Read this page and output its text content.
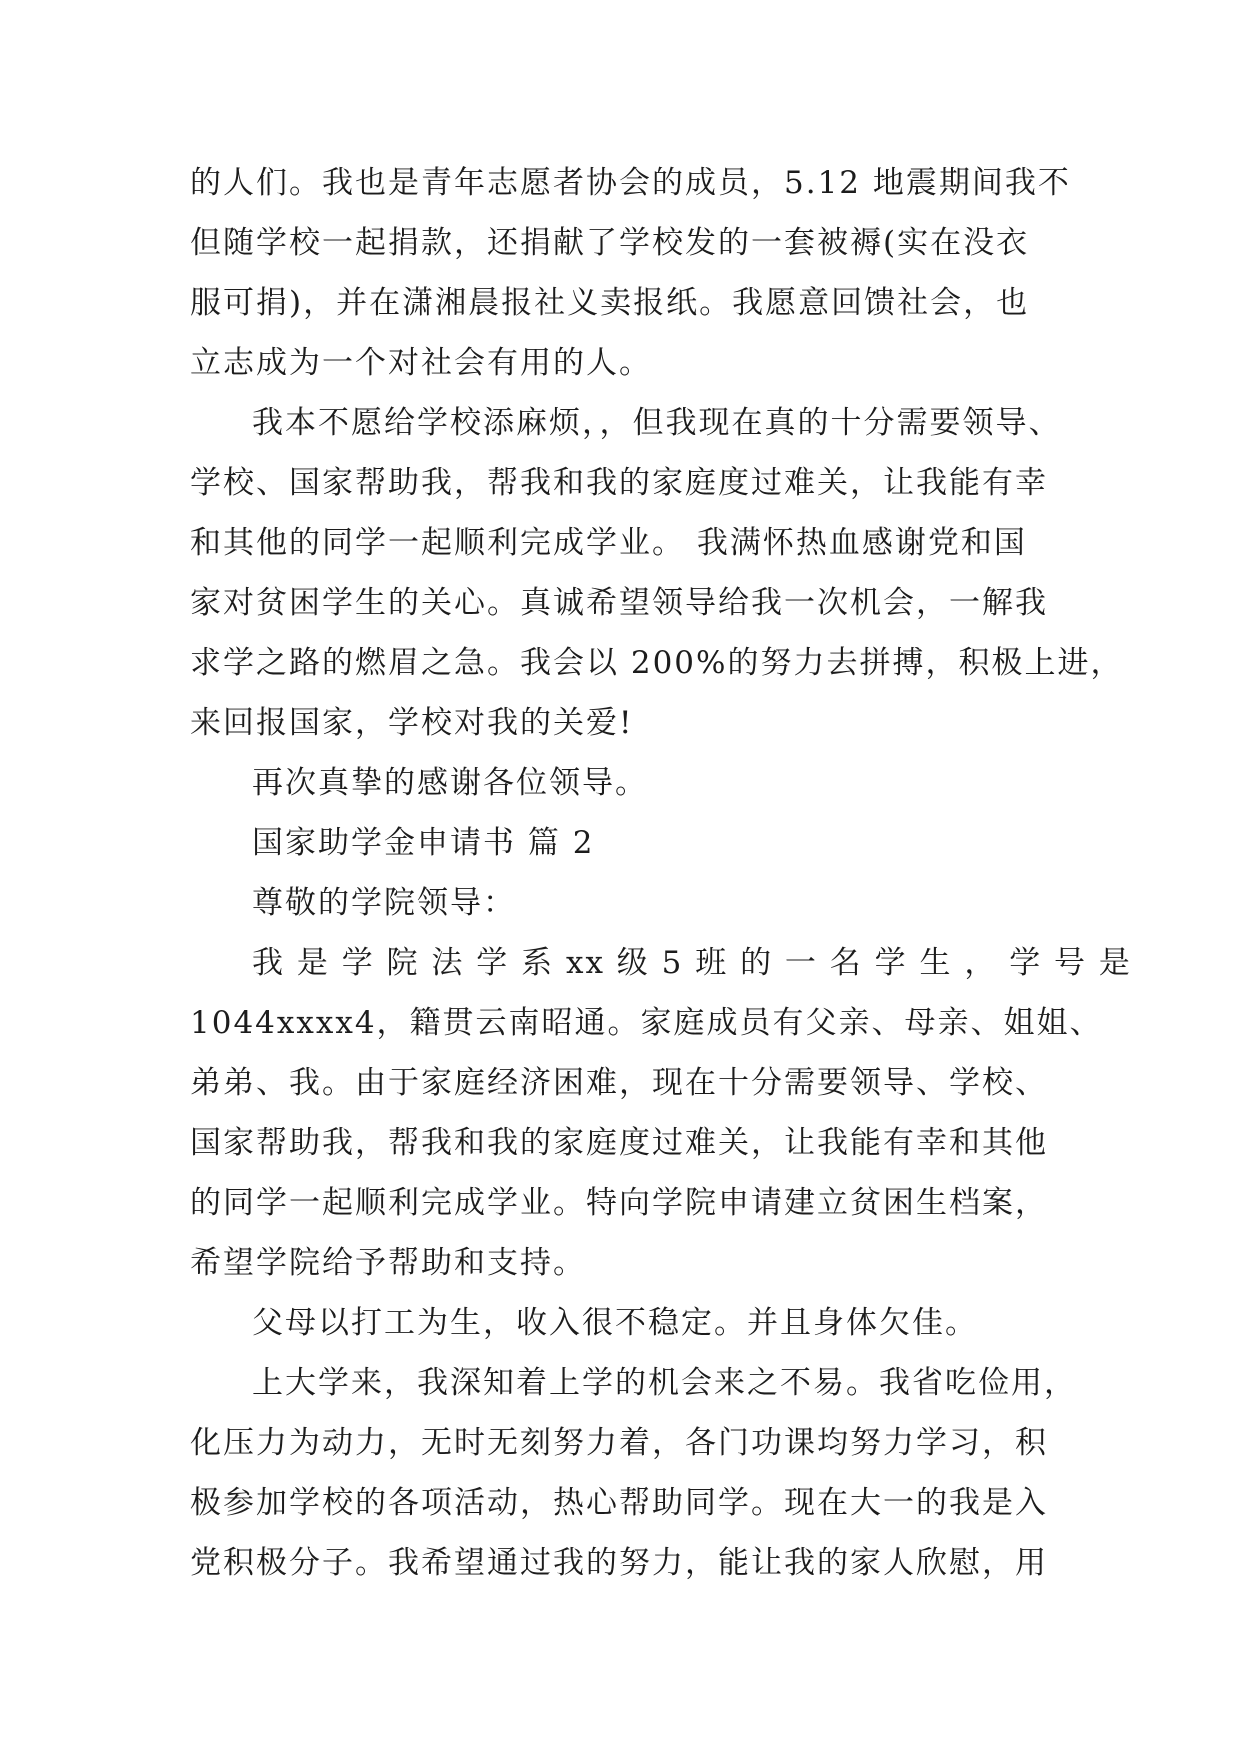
的人们。我也是青年志愿者协会的成员，5.12 地震期间我不
但随学校一起捐款，还捐献了学校发的一套被褥(实在没衣
服可捐)，并在潇湘晨报社义卖报纸。我愿意回馈社会，也
立志成为一个对社会有用的人。
我本不愿给学校添麻烦，，但我现在真的十分需要领导、
学校、国家帮助我，帮我和我的家庭度过难关，让我能有幸
和其他的同学一起顺利完成学业。 我满怀热血感谢党和国
家对贫困学生的关心。真诚希望领导给我一次机会，一解我
求学之路的燃眉之急。我会以 200%的努力去拼搏，积极上进，
来回报国家，学校对我的关爱!
再次真挚的感谢各位领导。
国家助学金申请书 篇 2
尊敬的学院领导：
我 是 学 院 法 学 系 xx 级 5 班 的 一 名 学 生 ， 学 号 是
1044xxxx4，籍贯云南昭通。家庭成员有父亲、母亲、姐姐、
弟弟、我。由于家庭经济困难，现在十分需要领导、学校、
国家帮助我，帮我和我的家庭度过难关，让我能有幸和其他
的同学一起顺利完成学业。特向学院申请建立贫困生档案，
希望学院给予帮助和支持。
父母以打工为生，收入很不稳定。并且身体欠佳。
上大学来，我深知着上学的机会来之不易。我省吃俭用，
化压力为动力，无时无刻努力着，各门功课均努力学习，积
极参加学校的各项活动，热心帮助同学。现在大一的我是入
党积极分子。我希望通过我的努力，能让我的家人欣慰，用
